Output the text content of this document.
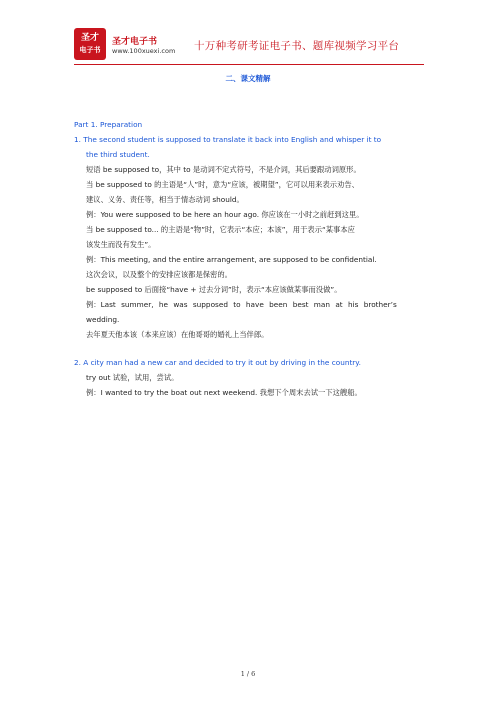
圣才
电子书
圣才电子书
www.100xuexi.com 十万种考研考证电子书、题库视频学习平台
二、课文精解

Part 1. Preparation

1. The second student is supposed to translate it back into English and whisper it to

the third student.

短语 be supposed to，其中 to 是动词不定式符号，不是介词，其后要跟动词原形。

当 be supposed to 的主语是“人”时，意为“应该，被期望”，它可以用来表示劝告、

建议、义务、责任等，相当于情态动词 should。

例：You were supposed to be here an hour ago. 你应该在一小时之前赶到这里。

当 be supposed to... 的主语是“物”时，它表示“本应；本该”，用于表示“某事本应

该发生而没有发生”。

例：This meeting, and the entire arrangement, are supposed to be confidential.

这次会议，以及整个的安排应该都是保密的。

be supposed to 后面接“have + 过去分词”时，表示“本应该做某事而没做”。

例：Last summer, he was supposed to have been best man at his brother’s

wedding.

去年夏天他本该（本来应该）在他哥哥的婚礼上当伴郎。

2. A city man had a new car and decided to try it out by driving in the country.

try out 试验，试用，尝试。

例：I wanted to try the boat out next weekend. 我想下个周末去试一下这艘船。

1 / 6
